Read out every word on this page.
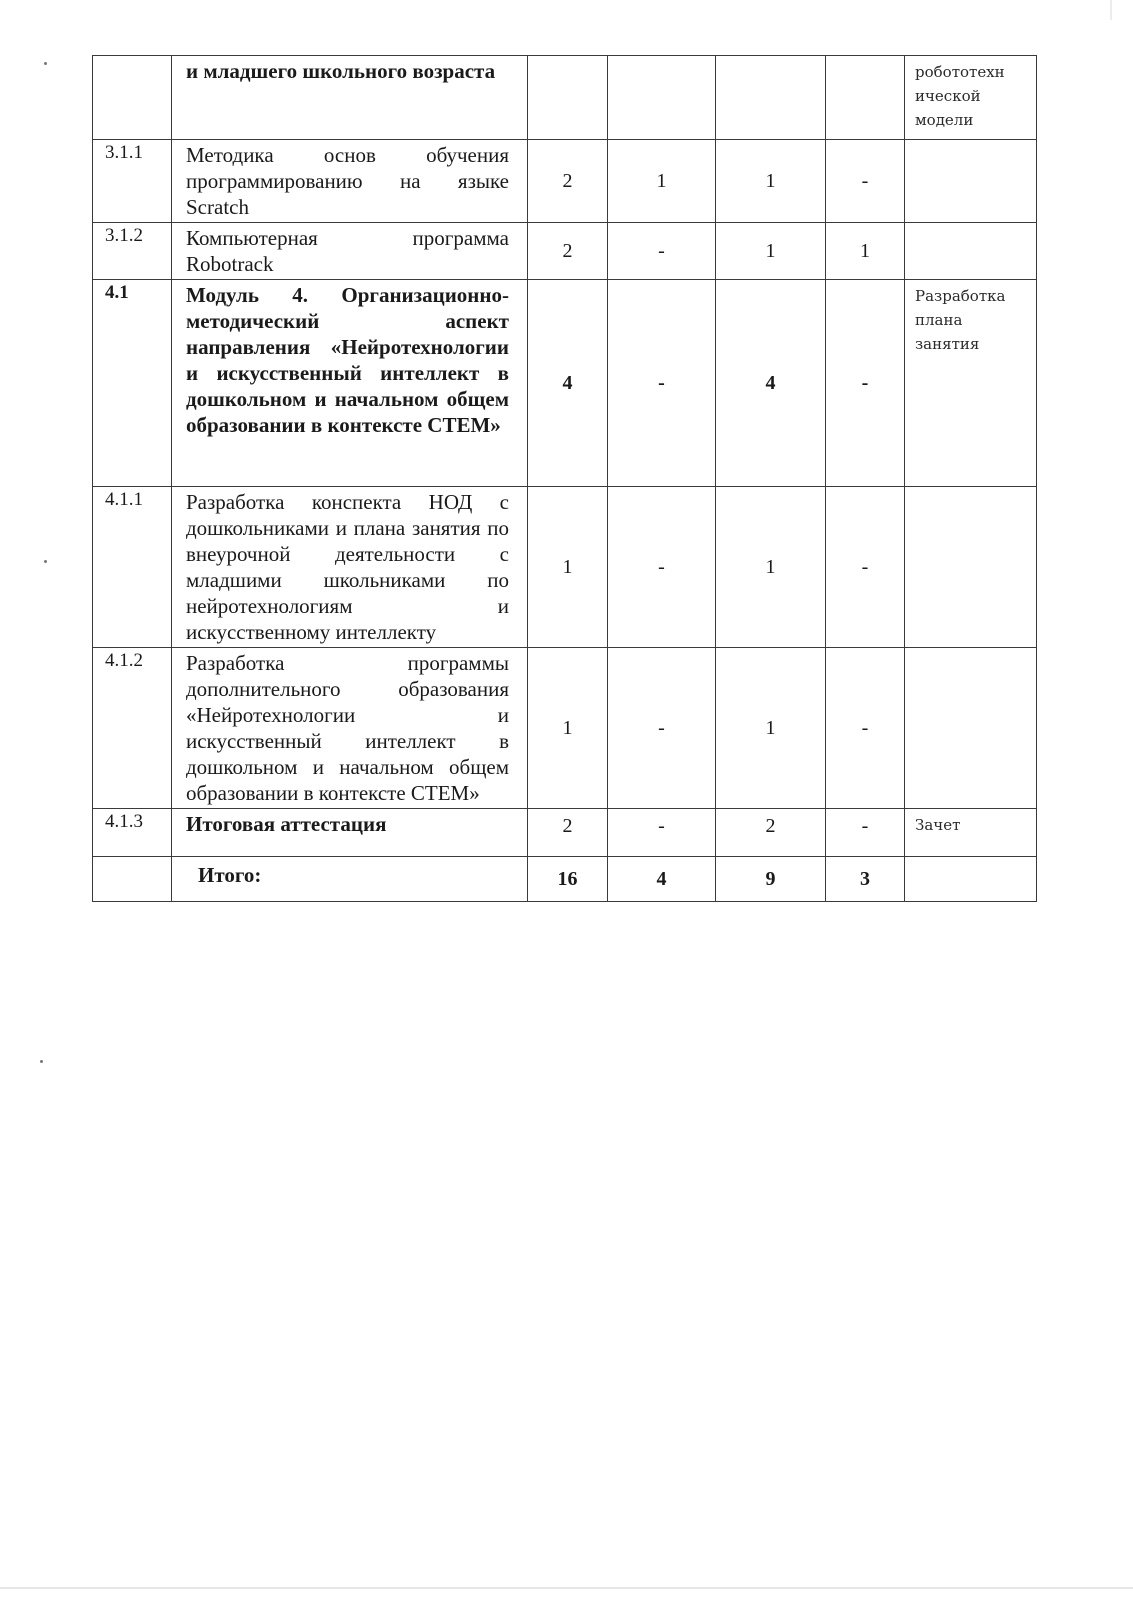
	и младшего школьного возраста					робототехн ической модели
3.1.1	Методика основ обучения программированию на языке Scratch	2	1	1	-	
3.1.2	Компьютерная программа Robotrack	2	-	1	1	
4.1	Модуль 4. Организационно-методический аспект направления «Нейротехнологии и искусственный интеллект в дошкольном и начальном общем образовании в контексте СТЕМ»	4	-	4	-	Разработка плана занятия
4.1.1	Разработка конспекта НОД с дошкольниками и плана занятия по внеурочной деятельности с младшими школьниками по нейротехнологиям и искусственному интеллекту	1	-	1	-	
4.1.2	Разработка программы дополнительного образования «Нейротехнологии и искусственный интеллект в дошкольном и начальном общем образовании в контексте СТЕМ»	1	-	1	-	
4.1.3	Итоговая аттестация	2	-	2	-	Зачет
	Итого:	16	4	9	3	
